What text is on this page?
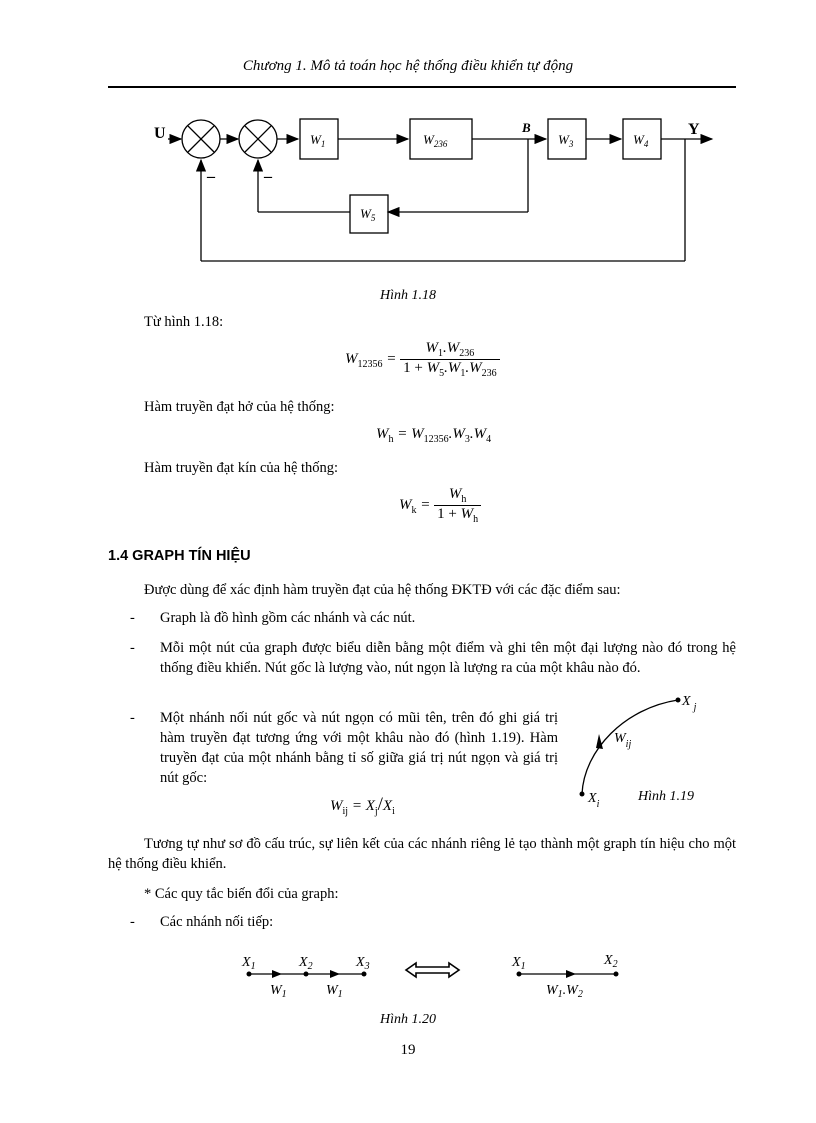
Chương 1. Mô tả toán học hệ thống điều khiển tự động
U	Y
B
_	_
$W_1$	$W_{236}$	$W_3$	$W_4$
$W_5$
Hình 1.18
Từ hình 1.18:
$W_{12356} = \frac{W_1.W_{236}}{1 + W_5.W_1.W_{236}}$
Hàm truyền đạt hở của hệ thống:
$W_h = W_{12356}.W_3.W_4$
Hàm truyền đạt kín của hệ thống:
$W_k = \frac{W_h}{1 + W_h}$
1.4 GRAPH TÍN HIỆU
Được dùng để xác định hàm truyền đạt của hệ thống ĐKTĐ với các đặc điểm sau:
- Graph là đồ hình gồm các nhánh và các nút.
- Mỗi một nút của graph được biểu diễn bằng một điểm và ghi tên một đại lượng nào đó trong hệ thống điều khiển. Nút gốc là lượng vào, nút ngọn là lượng ra của một khâu nào đó.
- Một nhánh nối nút gốc và nút ngọn có mũi tên, trên đó ghi giá trị hàm truyền đạt tương ứng với một khâu nào đó (hình 1.19). Hàm truyền đạt của một nhánh bằng tỉ số giữa giá trị nút ngọn và giá trị nút gốc:
$W_{ij} = X_j/X_i$
X $_j$
$W_{ij}$
$X_i$
Hình 1.19
Tương tự như sơ đồ cấu trúc, sự liên kết của các nhánh riêng lẻ tạo thành một graph tín hiệu cho một hệ thống điều khiển.
* Các quy tắc biến đổi của graph:
- Các nhánh nối tiếp:
$X_1$	$X_2$	$X_3$
$W_1$	$W_1$
$X_1$	$X_2$
$W_1.W_2$
Hình 1.20
19
